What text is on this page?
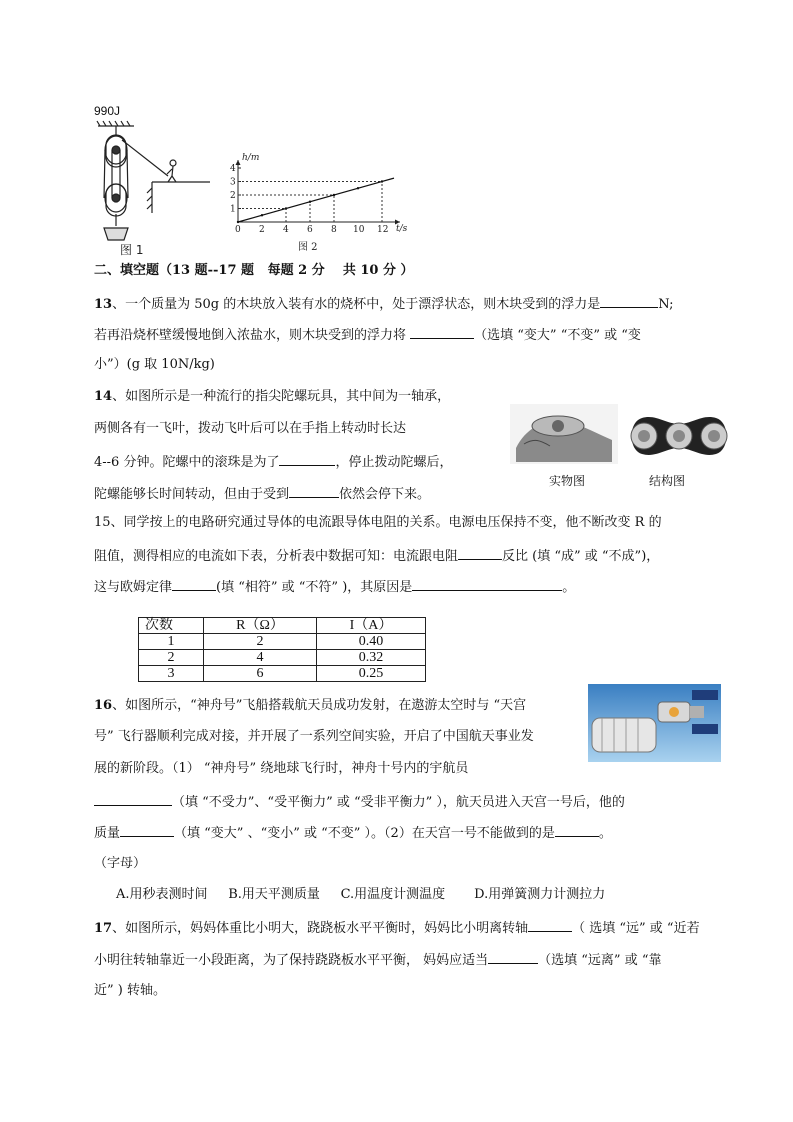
990J
图 1
h/m
t/s
1
2
3
4
0 2 4 6 8 10 12
图 2
二、填空题（13 题--17 题 每题 2 分 共 10 分 ）
13、一个质量为 50g 的木块放入装有水的烧杯中，处于漂浮状态，则木块受到的浮力是	N;
若再沿烧杯壁缓慢地倒入浓盐水，则木块受到的浮力将	（选填 “变大” “不变” 或 “变
小”）(g 取 10N/kg)
14、如图所示是一种流行的指尖陀螺玩具，其中间为一轴承，
两侧各有一飞叶，拨动飞叶后可以在手指上转动时长达
4--6 分钟。陀螺中的滚珠是为了	，停止拨动陀螺后，
陀螺能够长时间转动，但由于受到	依然会停下来。
实物图	结构图
15、同学按上的电路研究通过导体的电流跟导体电阻的关系。电源电压保持不变，他不断改变 R 的
阻值，测得相应的电流如下表，分析表中数据可知：电流跟电阻	反比 (填 “成” 或 “不成”)，
这与欧姆定律	(填 “相符” 或 “不符” )，其原因是	。
次数	R（Ω）	I（A）
1	2	0.40
2	4	0.32
3	6	0.25
16、如图所示，“神舟号”飞船搭载航天员成功发射，在遨游太空时与 “天宫
号” 飞行器顺利完成对接，并开展了一系列空间实验，开启了中国航天事业发
展的新阶段。（1） “神舟号” 绕地球飞行时，神舟十号内的宇航员
（填 “不受力”、“受平衡力” 或 “受非平衡力” ），航天员进入天宫一号后，他的
质量	（填 “变大” 、“变小” 或 “不变” ）。（2）在天宫一号不能做到的是	。
（字母）
A.用秒表测时间 B.用天平测质量 C.用温度计测温度 D.用弹簧测力计测拉力
17、如图所示，妈妈体重比小明大，跷跷板水平平衡时，妈妈比小明离转轴	（ 选填 “远” 或 “近若
小明往转轴靠近一小段距离，为了保持跷跷板水平平衡， 妈妈应适当	（选填 “远离” 或 “靠
近” ) 转轴。
